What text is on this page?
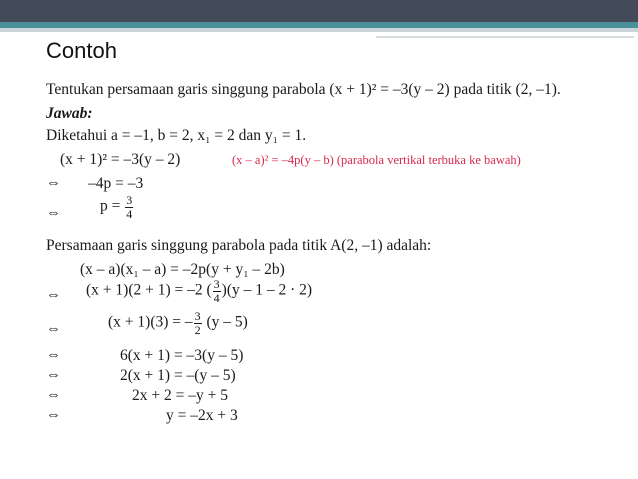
Contoh
Tentukan persamaan garis singgung parabola (x + 1)² = –3(y – 2) pada titik (2, –1).
Jawab:
Diketahui a = –1, b = 2, x₁ = 2 dan y₁ = 1.
(x + 1)² = –3(y – 2)	(x – a)² = –4p(y – b) (parabola vertikal terbuka ke bawah)
⇔ –4p = –3
⇔	$p = \frac{3}{4}$
Persamaan garis singgung parabola pada titik A(2, –1) adalah:
(x – a)(x₁ – a) = –2p(y + y₁ – 2b)
⇔ (x + 1)(2 + 1) = –2 ( $\frac{3}{4} )(y - 1 - 2 \cdot 2)$
⇔	(x + 1)(3) = – $\frac{3}{2} (y - 5)$
⇔	6(x + 1) = –3(y – 5)
⇔	2(x + 1) = –(y – 5)
⇔	2x + 2 = –y + 5
⇔	y = –2x + 3
